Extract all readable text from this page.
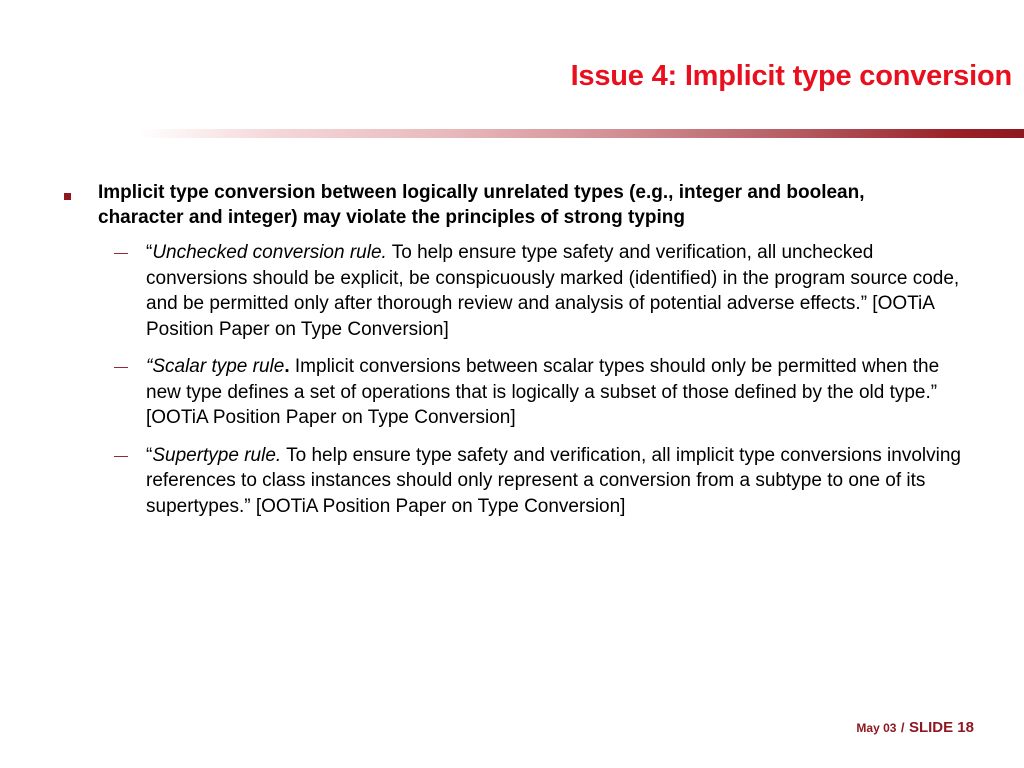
Issue 4: Implicit type conversion
Implicit type conversion between logically unrelated types (e.g., integer and boolean, character and integer) may violate the principles of strong typing
— “Unchecked conversion rule. To help ensure type safety and verification, all unchecked conversions should be explicit, be conspicuously marked (identified) in the program source code, and be permitted only after thorough review and analysis of potential adverse effects.” [OOTiA Position Paper on Type Conversion]
— “Scalar type rule. Implicit conversions between scalar types should only be permitted when the new type defines a set of operations that is logically a subset of those defined by the old type.” [OOTiA Position Paper on Type Conversion]
— “Supertype rule. To help ensure type safety and verification, all implicit type conversions involving references to class instances should only represent a conversion from a subtype to one of its supertypes.” [OOTiA Position Paper on Type Conversion]
May 03 / SLIDE 18
